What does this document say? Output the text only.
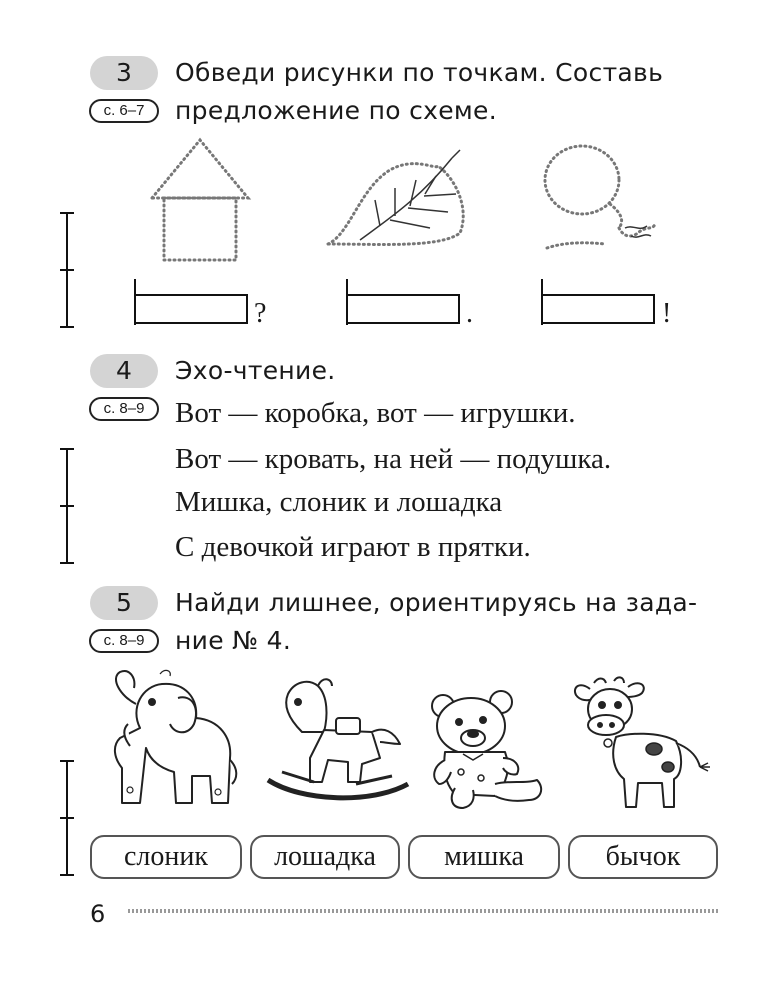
3
с. 6–7
Обведи рисунки по точкам. Составь
предложение по схеме.
?	.	!
4
с. 8–9
Эхо-чтение.
Вот — коробка, вот — игрушки.
Вот — кровать, на ней — подушка.
Мишка, слоник и лошадка
С девочкой играют в прятки.
5
с. 8–9
Найди лишнее, ориентируясь на зада-
ние № 4.
слоник	лошадка	мишка	бычок
6
